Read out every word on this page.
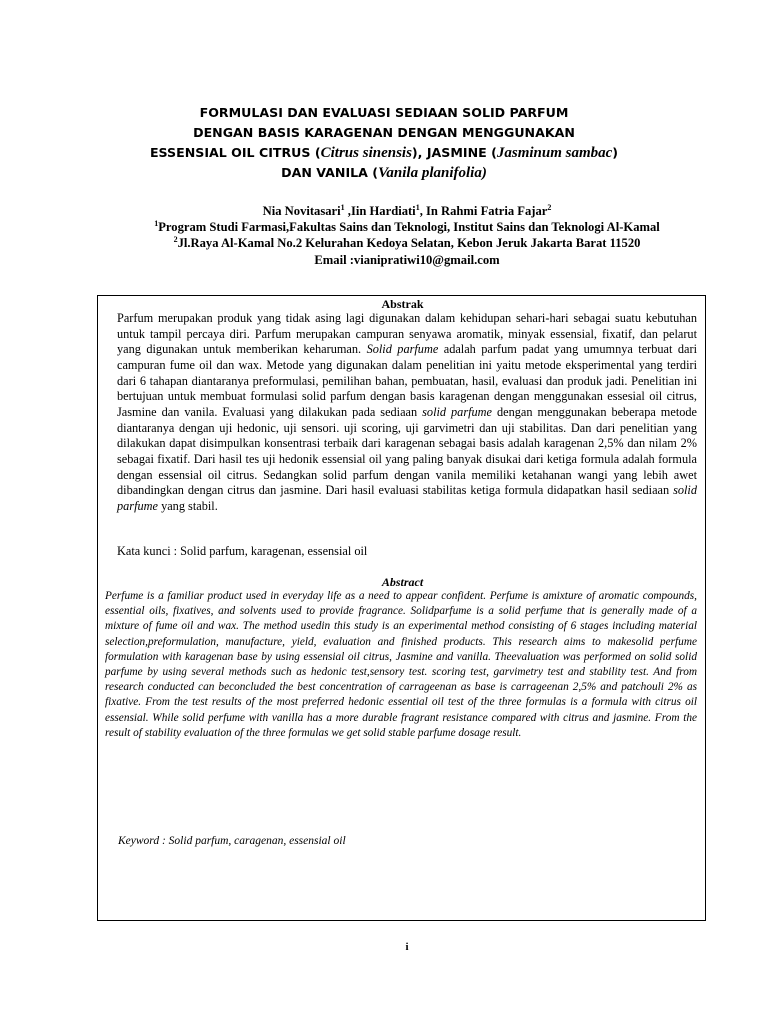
FORMULASI DAN EVALUASI SEDIAAN SOLID PARFUM
DENGAN BASIS KARAGENAN DENGAN MENGGUNAKAN
ESSENSIAL OIL CITRUS (Citrus sinensis), JASMINE (Jasminum sambac)
DAN VANILA (Vanila planifolia)
Nia Novitasari$^1$ ,Iin Hardiati$^1$, In Rahmi Fatria Fajar$^2$
$^1$Program Studi Farmasi,Fakultas Sains dan Teknologi, Institut Sains dan Teknologi Al-Kamal
$^2$Jl.Raya Al-Kamal No.2 Kelurahan Kedoya Selatan, Kebon Jeruk Jakarta Barat 11520
Email :vianipratiwi10@gmail.com
Abstrak
Parfum merupakan produk yang tidak asing lagi digunakan dalam kehidupan sehari-hari sebagai suatu kebutuhan untuk tampil percaya diri. Parfum merupakan campuran senyawa aromatik, minyak essensial, fixatif, dan pelarut yang digunakan untuk memberikan keharuman. Solid parfume adalah parfum padat yang umumnya terbuat dari campuran fume oil dan wax. Metode yang digunakan dalam penelitian ini yaitu metode eksperimental yang terdiri dari 6 tahapan diantaranya preformulasi, pemilihan bahan, pembuatan, hasil, evaluasi dan produk jadi. Penelitian ini bertujuan untuk membuat formulasi solid parfum dengan basis karagenan dengan menggunakan essesial oil citrus, Jasmine dan vanila. Evaluasi yang dilakukan pada sediaan solid parfume dengan menggunakan beberapa metode diantaranya dengan uji hedonic, uji sensori. uji scoring, uji garvimetri dan uji stabilitas. Dan dari penelitian yang dilakukan dapat disimpulkan konsentrasi terbaik dari karagenan sebagai basis adalah karagenan 2,5% dan nilam 2% sebagai fixatif. Dari hasil tes uji hedonik essensial oil yang paling banyak disukai dari ketiga formula adalah formula dengan essensial oil citrus. Sedangkan solid parfum dengan vanila memiliki ketahanan wangi yang lebih awet dibandingkan dengan citrus dan jasmine. Dari hasil evaluasi stabilitas ketiga formula didapatkan hasil sediaan solid parfume yang stabil.
Kata kunci : Solid parfum, karagenan, essensial oil
Abstract
Perfume is a familiar product used in everyday life as a need to appear confident. Perfume is amixture of aromatic compounds, essential oils, fixatives, and solvents used to provide fragrance. Solidparfume is a solid perfume that is generally made of a mixture of fume oil and wax. The method usedin this study is an experimental method consisting of 6 stages including material selection,preformulation, manufacture, yield, evaluation and finished products. This research aims to makesolid perfume formulation with karagenan base by using essensial oil citrus, Jasmine and vanilla. Theevaluation was performed on solid solid parfume by using several methods such as hedonic test,sensory test. scoring test, garvimetry test and stability test. And from research conducted can beconcluded the best concentration of carrageenan as base is carrageenan 2,5% and patchouli 2% as fixative. From the test results of the most preferred hedonic essential oil test of the three formulas is a formula with citrus oil essensial. While solid perfume with vanilla has a more durable fragrant resistance compared with citrus and jasmine. From the result of stability evaluation of the three formulas we get solid stable parfume dosage result.
Keyword : Solid parfum, caragenan, essensial oil
i
